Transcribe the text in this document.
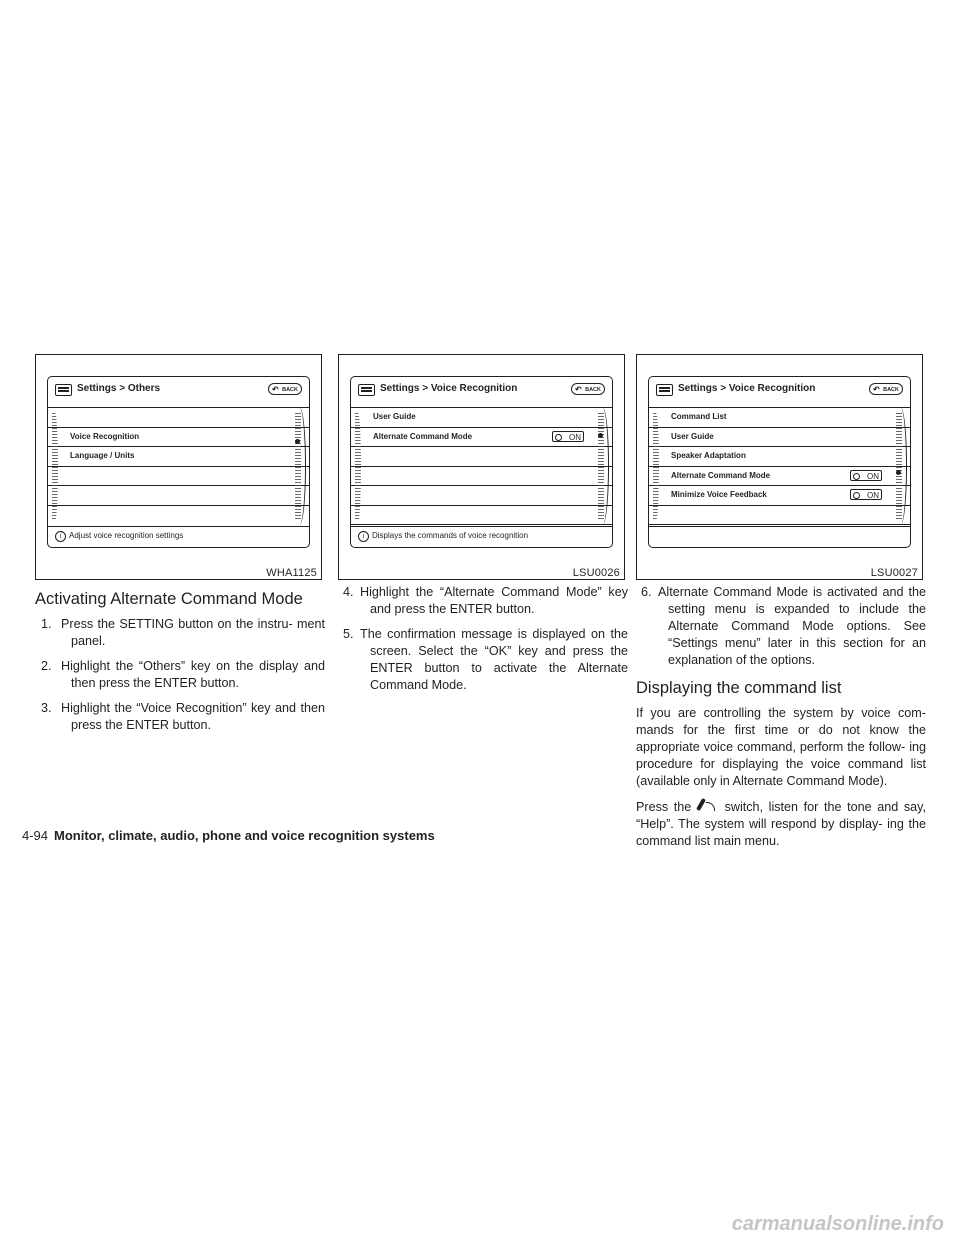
Settings > Others	↶ BACK
Voice Recognition
Language / Units
i Adjust voice recognition settings
WHA1125
Settings > Voice Recognition	↶ BACK
User Guide
Alternate Command Mode	ON
i Displays the commands of voice recognition
LSU0026
Settings > Voice Recognition	↶ BACK
Command List
User Guide
Speaker Adaptation
Alternate Command Mode	ON
Minimize Voice Feedback	ON
LSU0027
Activating Alternate Command Mode
1. Press the SETTING button on the instru- ment panel.
2. Highlight the “Others” key on the display and then press the ENTER button.
3. Highlight the “Voice Recognition” key and then press the ENTER button.
4. Highlight the “Alternate Command Mode” key and press the ENTER button.
5. The confirmation message is displayed on the screen. Select the “OK” key and press the ENTER button to activate the Alternate Command Mode.
6. Alternate Command Mode is activated and the setting menu is expanded to include the Alternate Command Mode options. See “Settings menu” later in this section for an explanation of the options.
Displaying the command list

If you are controlling the system by voice com- mands for the first time or do not know the appropriate voice command, perform the follow- ing procedure for displaying the voice command list (available only in Alternate Command Mode).

Press the	switch, listen for the tone and say, “Help”. The system will respond by display- ing the command list main menu.

4-94 Monitor, climate, audio, phone and voice recognition systems
carmanualsonline.info
